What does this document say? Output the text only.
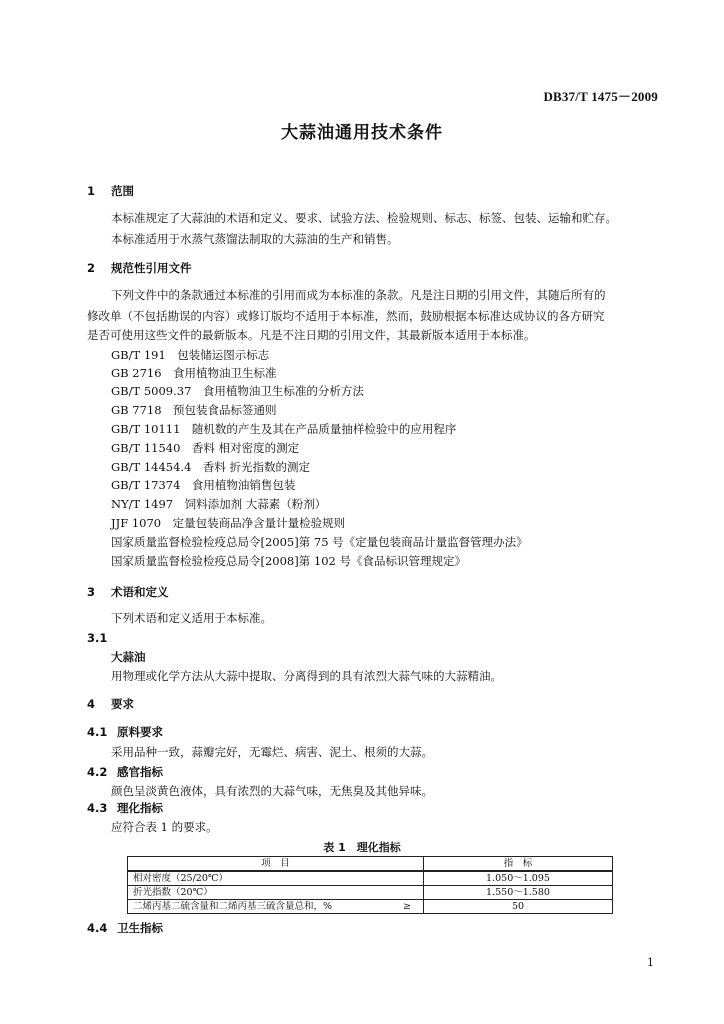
DB37/T 1475－2009
大蒜油通用技术条件
1 范围
本标准规定了大蒜油的术语和定义、要求、试验方法、检验规则、标志、标签、包装、运输和贮存。
本标准适用于水蒸气蒸馏法制取的大蒜油的生产和销售。
2 规范性引用文件
下列文件中的条款通过本标准的引用而成为本标准的条款。凡是注日期的引用文件，其随后所有的
修改单（不包括勘误的内容）或修订版均不适用于本标准，然而，鼓励根据本标准达成协议的各方研究
是否可使用这些文件的最新版本。凡是不注日期的引用文件，其最新版本适用于本标准。
GB/T 191　包装储运图示标志
GB 2716　食用植物油卫生标准
GB/T 5009.37　食用植物油卫生标准的分析方法
GB 7718　预包装食品标签通则
GB/T 10111　随机数的产生及其在产品质量抽样检验中的应用程序
GB/T 11540　香料 相对密度的测定
GB/T 14454.4　香料 折光指数的测定
GB/T 17374　食用植物油销售包装
NY/T 1497　饲料添加剂 大蒜素（粉剂）
JJF 1070　定量包装商品净含量计量检验规则
国家质量监督检验检疫总局令[2005]第 75 号《定量包装商品计量监督管理办法》
国家质量监督检验检疫总局令[2008]第 102 号《食品标识管理规定》
3 术语和定义
下列术语和定义适用于本标准。
3.1
大蒜油
用物理或化学方法从大蒜中提取、分离得到的具有浓烈大蒜气味的大蒜精油。
4 要求
4.1 原料要求
采用品种一致，蒜瓣完好，无霉烂、病害、泥土、根须的大蒜。
4.2 感官指标
颜色呈淡黄色液体，具有浓烈的大蒜气味，无焦臭及其他异味。
4.3 理化指标
应符合表 1 的要求。
表 1　理化指标
项　目	指　标
相对密度（25/20℃）	1.050～1.095
折光指数（20℃）	1.550～1.580
二烯丙基二硫含量和二烯丙基三硫含量总和，% ≥	50
4.4 卫生指标
1
